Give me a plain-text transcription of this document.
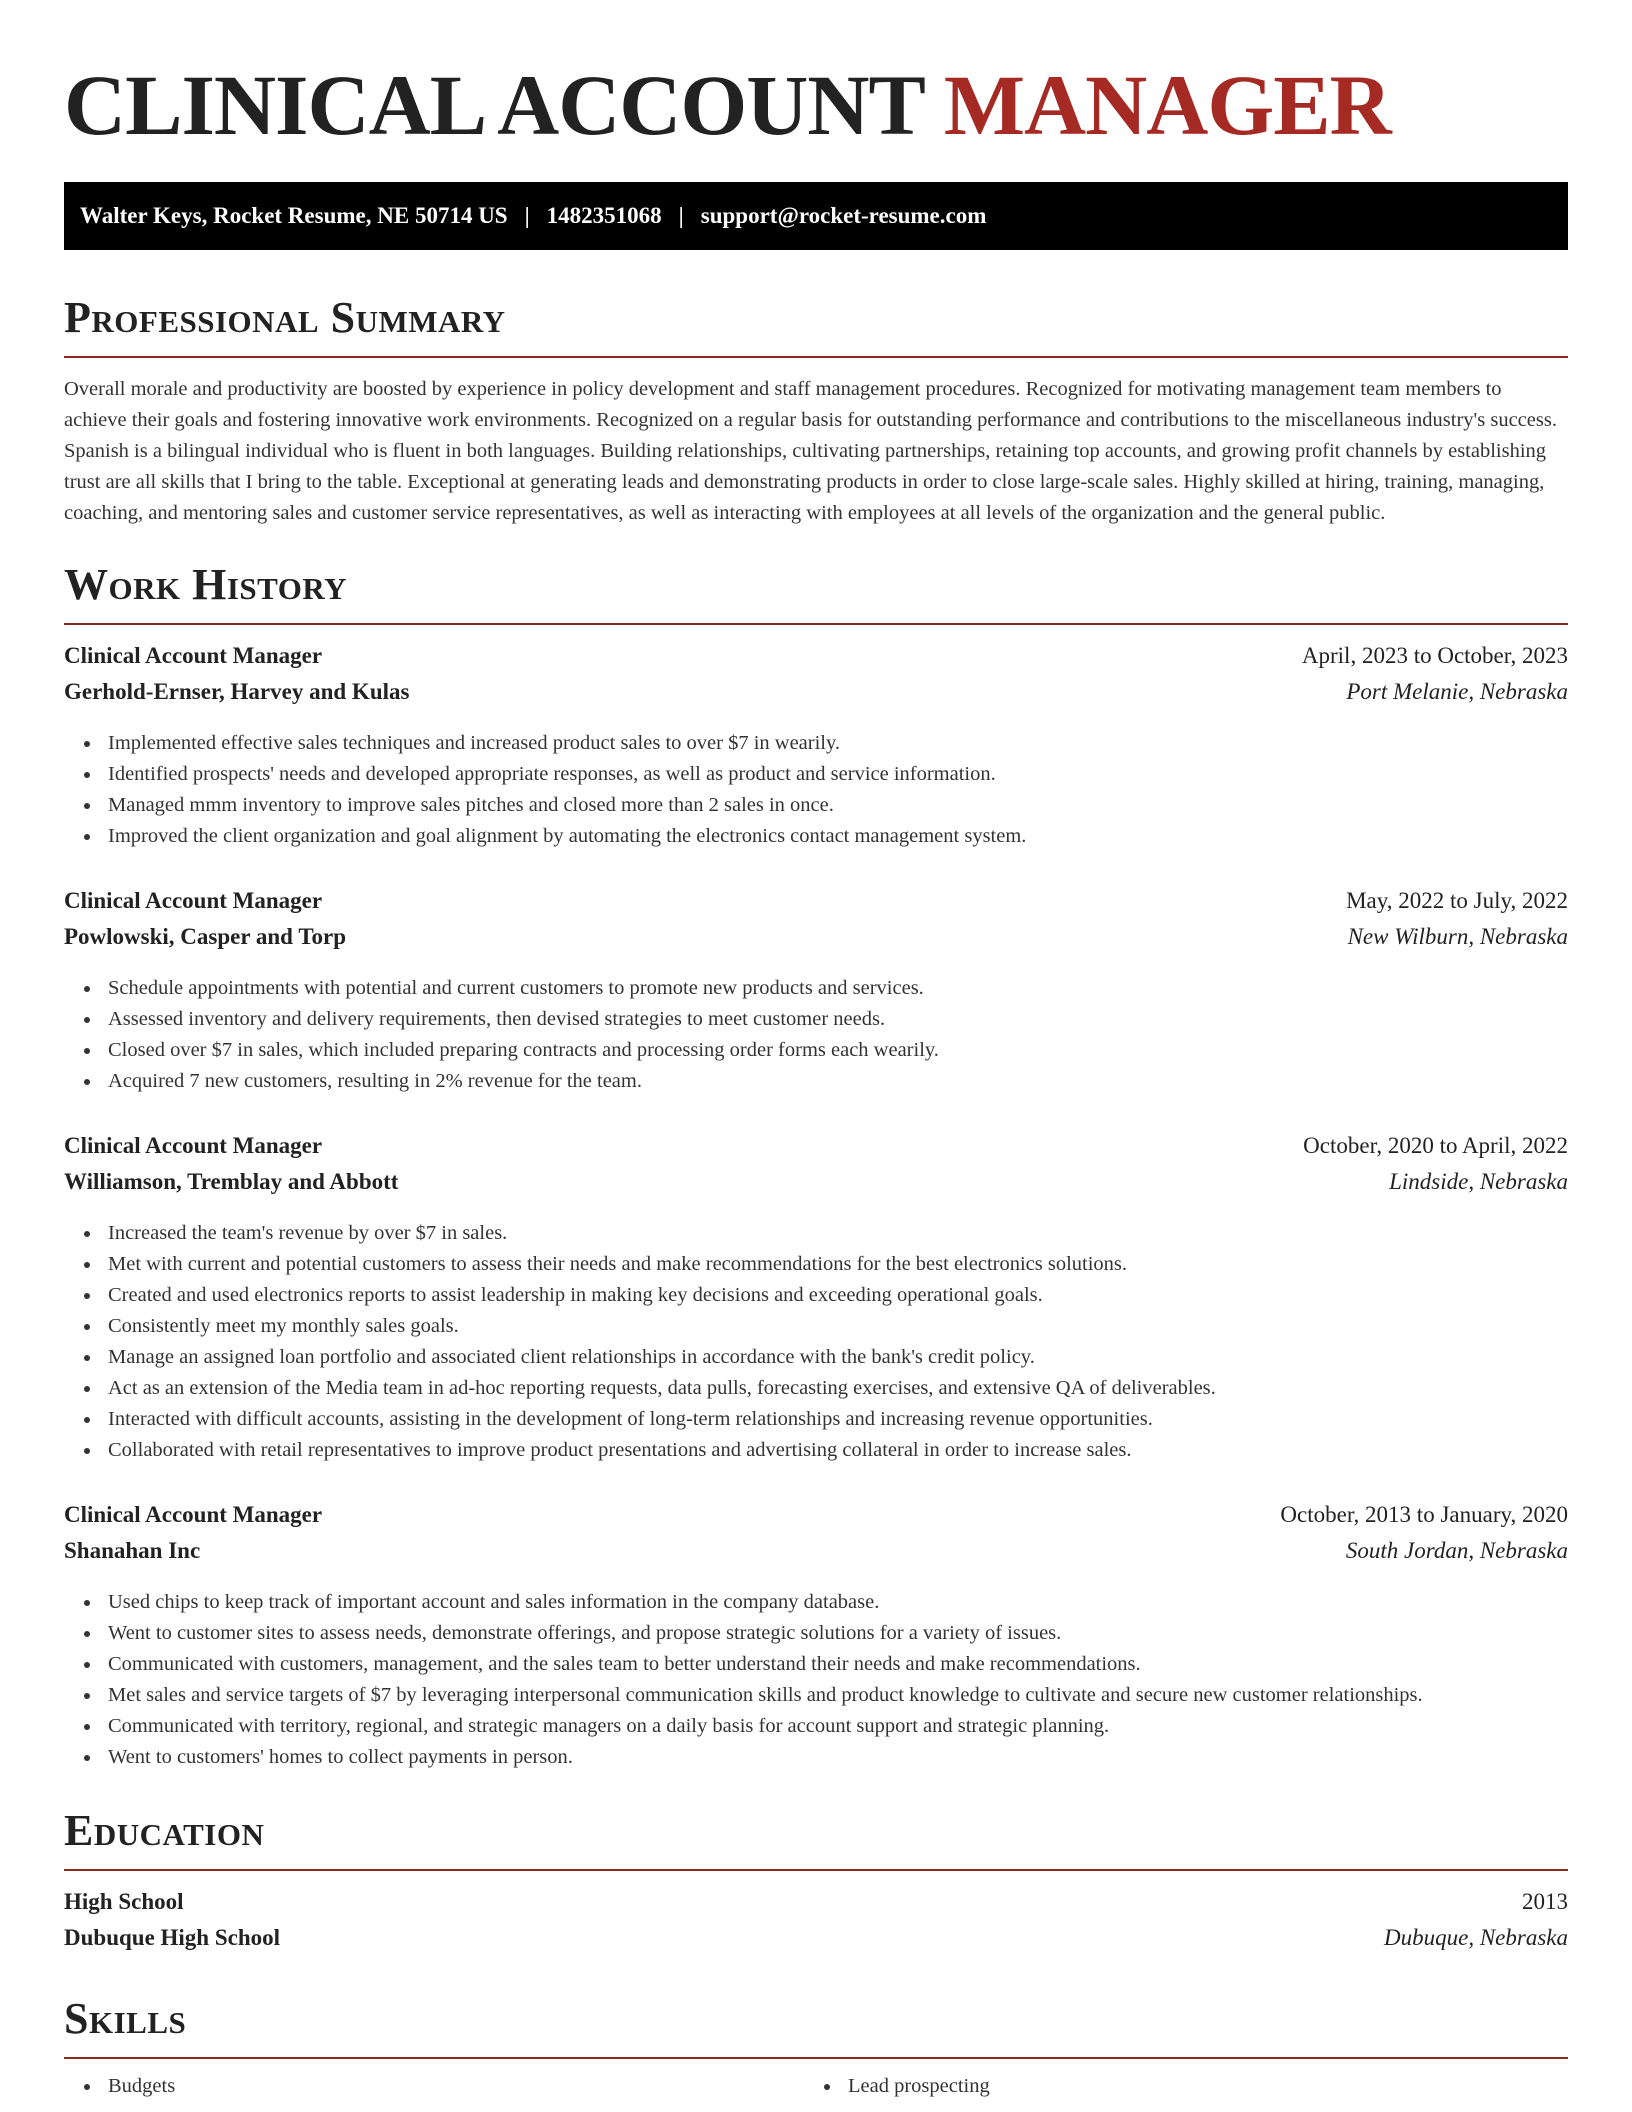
CLINICAL ACCOUNT MANAGER
Walter Keys, Rocket Resume, NE 50714 US | 1482351068 | support@rocket-resume.com
Professional Summary

Overall morale and productivity are boosted by experience in policy development and staff management procedures. Recognized for motivating management team members to achieve their goals and fostering innovative work environments. Recognized on a regular basis for outstanding performance and contributions to the miscellaneous industry's success. Spanish is a bilingual individual who is fluent in both languages. Building relationships, cultivating partnerships, retaining top accounts, and growing profit channels by establishing trust are all skills that I bring to the table. Exceptional at generating leads and demonstrating products in order to close large-scale sales. Highly skilled at hiring, training, managing, coaching, and mentoring sales and customer service representatives, as well as interacting with employees at all levels of the organization and the general public.

Work History
Clinical Account Manager	April, 2023 to October, 2023
Gerhold-Ernser, Harvey and Kulas	Port Melanie, Nebraska
Implemented effective sales techniques and increased product sales to over $7 in wearily.
Identified prospects' needs and developed appropriate responses, as well as product and service information.
Managed mmm inventory to improve sales pitches and closed more than 2 sales in once.
Improved the client organization and goal alignment by automating the electronics contact management system.
Clinical Account Manager	May, 2022 to July, 2022
Powlowski, Casper and Torp	New Wilburn, Nebraska
Schedule appointments with potential and current customers to promote new products and services.
Assessed inventory and delivery requirements, then devised strategies to meet customer needs.
Closed over $7 in sales, which included preparing contracts and processing order forms each wearily.
Acquired 7 new customers, resulting in 2% revenue for the team.
Clinical Account Manager	October, 2020 to April, 2022
Williamson, Tremblay and Abbott	Lindside, Nebraska
Increased the team's revenue by over $7 in sales.
Met with current and potential customers to assess their needs and make recommendations for the best electronics solutions.
Created and used electronics reports to assist leadership in making key decisions and exceeding operational goals.
Consistently meet my monthly sales goals.
Manage an assigned loan portfolio and associated client relationships in accordance with the bank's credit policy.
Act as an extension of the Media team in ad-hoc reporting requests, data pulls, forecasting exercises, and extensive QA of deliverables.
Interacted with difficult accounts, assisting in the development of long-term relationships and increasing revenue opportunities.
Collaborated with retail representatives to improve product presentations and advertising collateral in order to increase sales.
Clinical Account Manager	October, 2013 to January, 2020
Shanahan Inc	South Jordan, Nebraska
Used chips to keep track of important account and sales information in the company database.
Went to customer sites to assess needs, demonstrate offerings, and propose strategic solutions for a variety of issues.
Communicated with customers, management, and the sales team to better understand their needs and make recommendations.
Met sales and service targets of $7 by leveraging interpersonal communication skills and product knowledge to cultivate and secure new customer relationships.
Communicated with territory, regional, and strategic managers on a daily basis for account support and strategic planning.
Went to customers' homes to collect payments in person.
Education
High School	2013
Dubuque High School	Dubuque, Nebraska
Skills
Budgets	Lead prospecting
